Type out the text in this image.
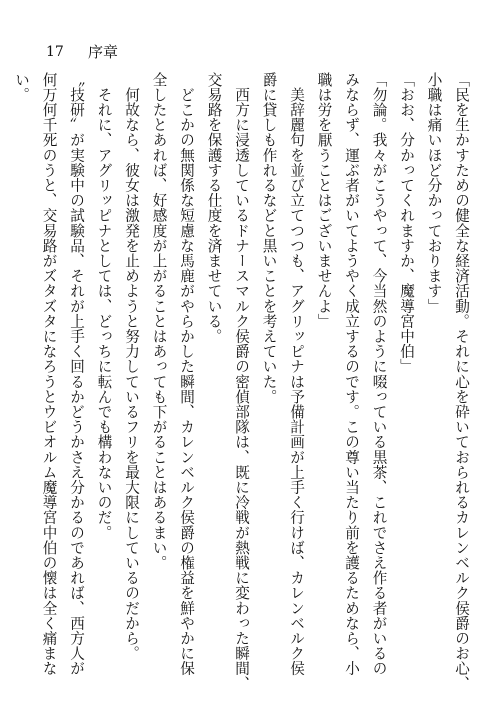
17 序章
「民を生かすための健全な経済活動。それに心を砕いておられるカレンベルク侯爵のお心、
小職は痛いほど分かっております」
「おお、分かってくれますか、魔導宮中伯」
「勿論。我々がこうやって、今当然のように啜っている黒茶、これでさえ作る者がいるの
みならず、運ぶ者がいてようやく成立するのです。この尊い当たり前を護るためなら、小
職は労を厭うことはございませんよ」
　美辞麗句を並び立てつつも、アグリッピナは予備計画が上手く行けば、カレンベルク侯
爵に貸しも作れるなどと黒いことを考えていた。
　西方に浸透しているドナースマルク侯爵の密偵部隊は、既に冷戦が熱戦に変わった瞬間、
交易路を保護する仕度を済ませている。
　どこかの無関係な短慮な馬鹿がやらかした瞬間、カレンベルク侯爵の権益を鮮やかに保
全したとあれば、好感度が上がることはあっても下がることはあるまい。
　何故なら、彼女は激発を止めようと努力しているフリを最大限にしているのだから。
　それに、アグリッピナとしては、どっちに転んでも構わないのだ。
〝技研〟が実験中の試験品、それが上手く回るかどうかさえ分かるのであれば、西方人が
何万何千死のうと、交易路がズタズタになろうとウビオルム魔導宮中伯の懐は全く痛まな
い。
